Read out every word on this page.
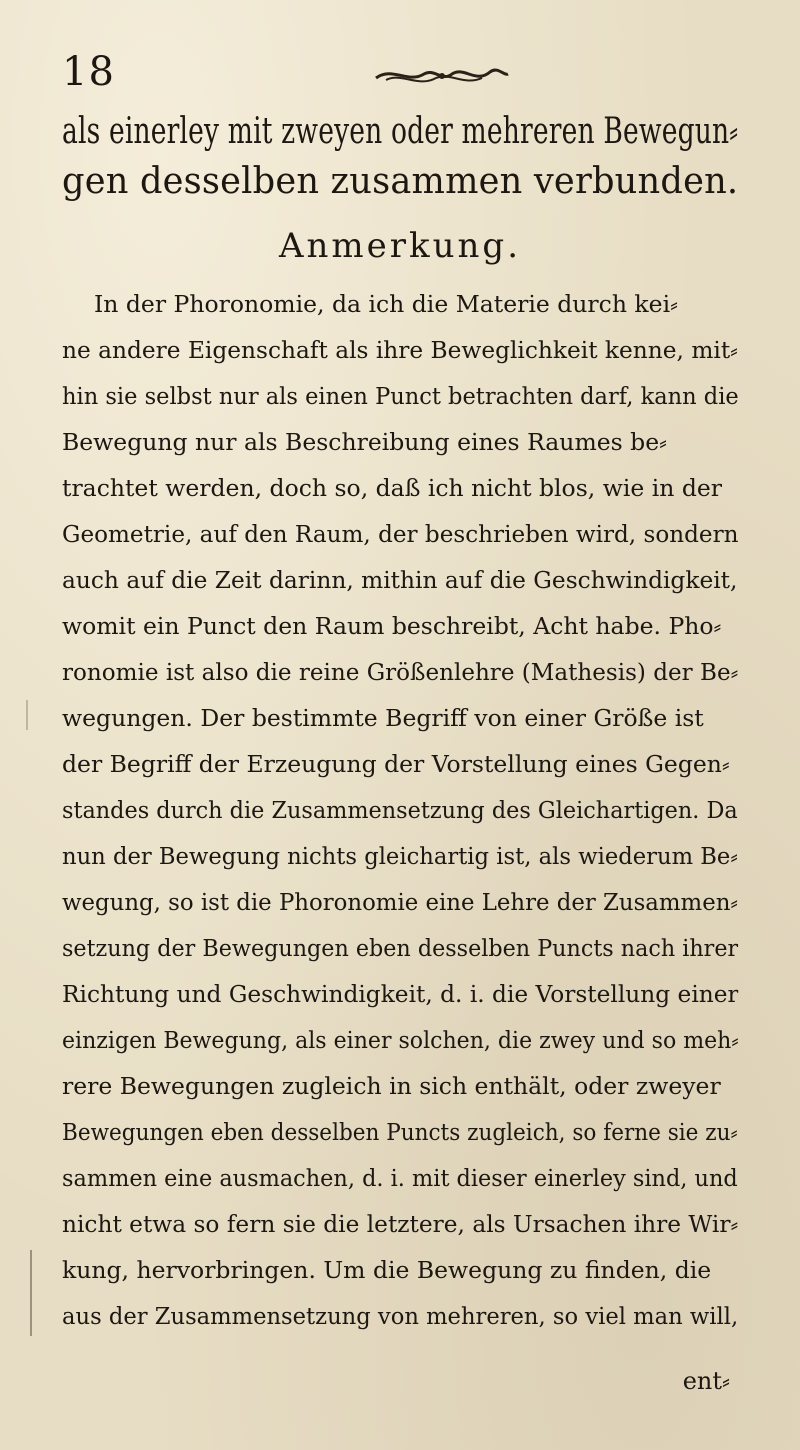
18
als einerley mit zweyen oder mehreren Bewegun⸗
gen desselben zusammen verbunden.
Anmerkung.
In der Phoronomie, da ich die Materie durch kei⸗
ne andere Eigenschaft als ihre Beweglichkeit kenne, mit⸗
hin sie selbst nur als einen Punct betrachten darf, kann die
Bewegung nur als Beschreibung eines Raumes be⸗
trachtet werden, doch so, daß ich nicht blos, wie in der
Geometrie, auf den Raum, der beschrieben wird, sondern
auch auf die Zeit darinn, mithin auf die Geschwindigkeit,
womit ein Punct den Raum beschreibt, Acht habe. Pho⸗
ronomie ist also die reine Größenlehre (Mathesis) der Be⸗
wegungen. Der bestimmte Begriff von einer Größe ist
der Begriff der Erzeugung der Vorstellung eines Gegen⸗
standes durch die Zusammensetzung des Gleichartigen. Da
nun der Bewegung nichts gleichartig ist, als wiederum Be⸗
wegung, so ist die Phoronomie eine Lehre der Zusammen⸗
setzung der Bewegungen eben desselben Puncts nach ihrer
Richtung und Geschwindigkeit, d. i. die Vorstellung einer
einzigen Bewegung, als einer solchen, die zwey und so meh⸗
rere Bewegungen zugleich in sich enthält, oder zweyer
Bewegungen eben desselben Puncts zugleich, so ferne sie zu⸗
sammen eine ausmachen, d. i. mit dieser einerley sind, und
nicht etwa so fern sie die letztere, als Ursachen ihre Wir⸗
kung, hervorbringen. Um die Bewegung zu finden, die
aus der Zusammensetzung von mehreren, so viel man will,
ent⸗
